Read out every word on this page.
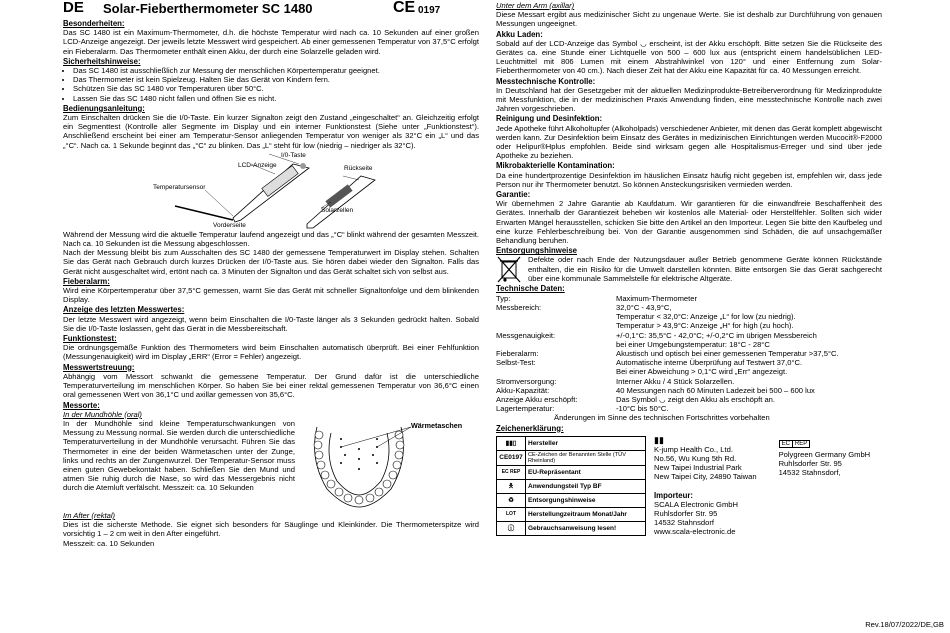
DE Solar-Fieberthermometer SC 1480	CE 0197
Besonderheiten:

Das SC 1480 ist ein Maximum-Thermometer, d.h. die höchste Temperatur wird nach ca. 10 Sekunden auf einer großen LCD-Anzeige angezeigt. Der jeweils letzte Messwert wird gespeichert. Ab einer gemessenen Temperatur von 37,5°C erfolgt ein Fieberalarm. Das Thermometer enthält einen Akku, der durch eine Solarzelle geladen wird.

Sicherheitshinweise:
• Das SC 1480 ist ausschließlich zur Messung der menschlichen Körpertemperatur geeignet.
• Das Thermometer ist kein Spielzeug. Halten Sie das Gerät von Kindern fern.
• Schützen Sie das SC 1480 vor Temperaturen über 50°C.
• Lassen Sie das SC 1480 nicht fallen und öffnen Sie es nicht.
Bedienungsanleitung:

Zum Einschalten drücken Sie die I/0-Taste. Ein kurzer Signalton zeigt den Zustand „eingeschaltet“ an. Gleichzeitig erfolgt ein Segmenttest (Kontrolle aller Segmente im Display und ein interner Funktionstest (Siehe unter „Funktionstest“). Anschließend erscheint bei einer am Temperatur-Sensor anliegenden Temperatur von weniger als 32°C ein „L“ und das „°C“. Nach ca. 1 Sekunde beginnt das „°C“ zu blinken. Das „L“ steht für low (niedrig – niedriger als 32°C).

I/0-Taste
LCD-Anzeige	Rückseite
Temperatursensor
Solarzellen
Vorderseite

Während der Messung wird die aktuelle Temperatur laufend angezeigt und das „°C“ blinkt während der gesamten Messzeit. Nach ca. 10 Sekunden ist die Messung abgeschlossen.

Nach der Messung bleibt bis zum Ausschalten des SC 1480 der gemessene Temperaturwert im Display stehen. Schalten Sie das Gerät nach Gebrauch durch kurzes Drücken der I/0-Taste aus. Sie hören dabei wieder den Signalton. Falls das Gerät nicht ausgeschaltet wird, ertönt nach ca. 3 Minuten der Signalton und das Gerät schaltet sich von selbst aus.

Fieberalarm:

Wird eine Körpertemperatur über 37,5°C gemessen, warnt Sie das Gerät mit schneller Signaltonfolge und dem blinkenden Display.

Anzeige des letzten Messwertes:

Der letzte Messwert wird angezeigt, wenn beim Einschalten die I/0-Taste länger als 3 Sekunden gedrückt halten. Sobald Sie die I/0-Taste loslassen, geht das Gerät in die Messbereitschaft.

Funktionstest:

Die ordnungsgemäße Funktion des Thermometers wird beim Einschalten automatisch überprüft. Bei einer Fehlfunktion (Messungenauigkeit) wird im Display „ERR“ (Error = Fehler) angezeigt.

Messwertstreuung:

Abhängig vom Messort schwankt die gemessene Temperatur. Der Grund dafür ist die unterschiedliche Temperaturverteilung im menschlichen Körper. So haben Sie bei einer rektal gemessenen Temperatur von 36,6°C einen oral gemessenen Wert von 36,1°C und axillar gemessen von 35,6°C.

Messorte:
In der Mundhöhle (oral)

In der Mundhöhle sind kleine Temperaturschwankungen von Messung zu Messung normal. Sie werden durch die unterschiedliche Temperaturverteilung in der Mundhöhle verursacht. Führen Sie das Thermometer in eine der beiden Wärmetaschen unter der Zunge, links und rechts an der Zungenwurzel. Der Temperatur-Sensor muss einen guten Gewebekontakt haben. Schließen Sie den Mund und atmen Sie ruhig durch die Nase, so wird das Messergebnis nicht durch die Atemluft verfälscht. Messzeit: ca. 10 Sekunden

Wärmetaschen
Im After (rektal)

Dies ist die sicherste Methode. Sie eignet sich besonders für Säuglinge und Kleinkinder. Die Thermometerspitze wird vorsichtig 1 – 2 cm weit in den After eingeführt.

Messzeit: ca. 10 Sekunden

Unter dem Arm (axillar)

Diese Messart ergibt aus medizinischer Sicht zu ungenaue Werte. Sie ist deshalb zur Durchführung von genauen Messungen ungeeignet.

Akku Laden:

Sobald auf der LCD-Anzeige das Symbol ◡ erscheint, ist der Akku erschöpft. Bitte setzen Sie die Rückseite des Gerätes ca. eine Stunde einer Lichtquelle von 500 – 600 lux aus (entspricht einem handelsüblichen LED-Leuchtmittel mit 806 Lumen mit einem Abstrahlwinkel von 120° und einer Entfernung zum Solar-Fieberthermometer von 40 cm.). Nach dieser Zeit hat der Akku eine Kapazität für ca. 40 Messungen erreicht.

Messtechnische Kontrolle:

In Deutschland hat der Gesetzgeber mit der aktuellen Medizinprodukte-Betreiberverordnung für Medizinprodukte mit Messfunktion, die in der medizinischen Praxis Anwendung finden, eine messtechnische Kontrolle nach zwei Jahren vorgeschrieben.

Reinigung und Desinfektion:

Jede Apotheke führt Alkoholtupfer (Alkoholpads) verschiedener Anbieter, mit denen das Gerät komplett abgewischt werden kann. Zur Desinfektion beim Einsatz des Gerätes in medizinischen Einrichtungen werden Mucocit®-F2000 oder Helipur®Hplus empfohlen. Beide sind wirksam gegen alle Hospitalismus-Erreger und sind über jede Apotheke zu beziehen.

Mikrobakterielle Kontamination:

Da eine hundertprozentige Desinfektion im häuslichen Einsatz häufig nicht gegeben ist, empfehlen wir, dass jede Person nur ihr Thermometer benutzt. So können Ansteckungsrisiken vermieden werden.

Garantie:

Wir übernehmen 2 Jahre Garantie ab Kaufdatum. Wir garantieren für die einwandfreie Beschaffenheit des Gerätes. Innerhalb der Garantiezeit beheben wir kostenlos alle Material- oder Herstellfehler. Sollten sich wider Erwarten Mängel herausstellen, schicken Sie bitte den Artikel an den Importeur. Legen Sie bitte den Kaufbeleg und eine kurze Fehlerbeschreibung bei. Von der Garantie ausgenommen sind Schäden, die auf unsachgemäßer Behandlung beruhen.

Entsorgungshinweise

Defekte oder nach Ende der Nutzungsdauer außer Betrieb genommene Geräte können Rückstände enthalten, die ein Risiko für die Umwelt darstellen könnten. Bitte entsorgen Sie das Gerät sachgerecht über eine kommunale Sammelstelle für elektrische Altgeräte.

Technische Daten:
Typ:	Maximum-Thermometer
Messbereich:	32,0°C - 43,9°C,
Temperatur < 32,0°C: Anzeige „L“ for low (zu niedrig).
Temperatur > 43,9°C: Anzeige „H“ for high (zu hoch).
Messgenauigkeit:	+/-0,1°C: 35,5°C - 42,0°C; +/-0,2°C im übrigen Messbereich
bei einer Umgebungstemperatur: 18°C - 28°C
Fieberalarm:	Akustisch und optisch bei einer gemessenen Temperatur >37,5°C.
Selbst-Test:	Automatische interne Überprüfung auf Testwert 37,0°C.
Bei einer Abweichung > 0,1°C wird „Err“ angezeigt.
Stromversorgung:	Interner Akku / 4 Stück Solarzellen.
Akku-Kapazität:	40 Messungen nach 60 Minuten Ladezeit bei 500 – 600 lux
Anzeige Akku erschöpft:	Das Symbol ◡ zeigt den Akku als erschöpft an.
Lagertemperatur:	-10°C bis 50°C.
Änderungen im Sinne des technischen Fortschrittes vorbehalten
Zeichenerklärung:
▮▮▯	Hersteller
CE0197	CE-Zeichen der Benannten Stelle (TÜV Rheinland)
EC REP	EU-Repräsentant
🯅	Anwendungsteil Typ BF
♻	Entsorgungshinweise
LOT	Herstellungzeitraum Monat/Jahr
ⓘ	Gebrauchsanweisung lesen!
▮▮
K-jump Health Co., Ltd.
No.56, Wu Kung 5th Rd.
New Taipei Industrial Park
New Taipei City, 24890 Taiwan
EC REP
Polygreen Germany GmbH
Ruhlsdorfer Str. 95
14532 Stahnsdorf,
Importeur:
SCALA Electronic GmbH
Ruhlsdorfer Str. 95
14532 Stahnsdorf
www.scala-electronic.de
Rev.18/07/2022/DE,GB
